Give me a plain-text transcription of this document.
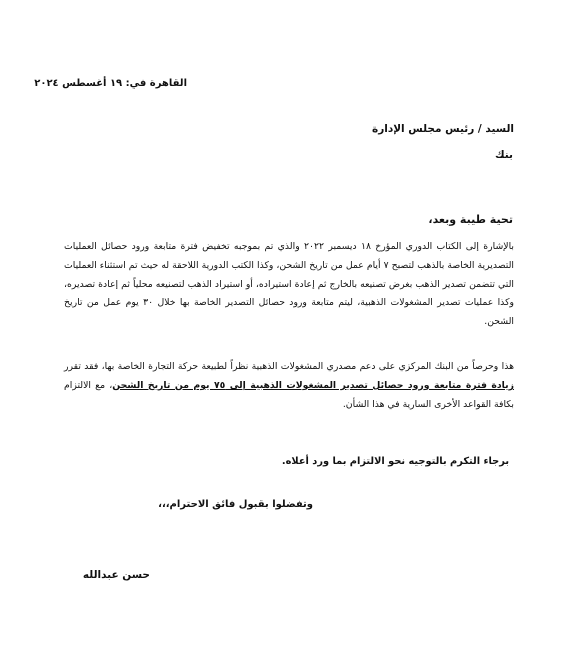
القاهرة في: ١٩ أغسطس ٢٠٢٤
السيد / رئيس مجلس الإدارة
بنك
تحية طيبة وبعد،

بالإشارة إلى الكتاب الدوري المؤرخ ١٨ ديسمبر ٢٠٢٢ والذي تم بموجبه تخفيض فترة متابعة ورود حصائل العمليات التصديرية الخاصة بالذهب لتصبح ٧ أيام عمل من تاريخ الشحن، وكذا الكتب الدورية اللاحقة له حيث تم استثناء العمليات التي تتضمن تصدير الذهب بغرض تصنيعه بالخارج ثم إعادة استيراده، أو استيراد الذهب لتصنيعه محلياً ثم إعادة تصديره، وكذا عمليات تصدير المشغولات الذهبية، ليتم متابعة ورود حصائل التصدير الخاصة بها خلال ٣٠ يوم عمل من تاريخ الشحن.

هذا وحرصاً من البنك المركزي على دعم مصدري المشغولات الذهبية نظراً لطبيعة حركة التجارة الخاصة بها، فقد تقرر زيادة فترة متابعة ورود حصائل تصدير المشغولات الذهبية إلى ٧٥ يوم من تاريخ الشحن، مع الالتزام بكافة القواعد الأخرى السارية في هذا الشأن.

برجاء التكرم بالتوجيه نحو الالتزام بما ورد أعلاه.
وتفضلوا بقبول فائق الاحترام،،،
حسن عبدالله
